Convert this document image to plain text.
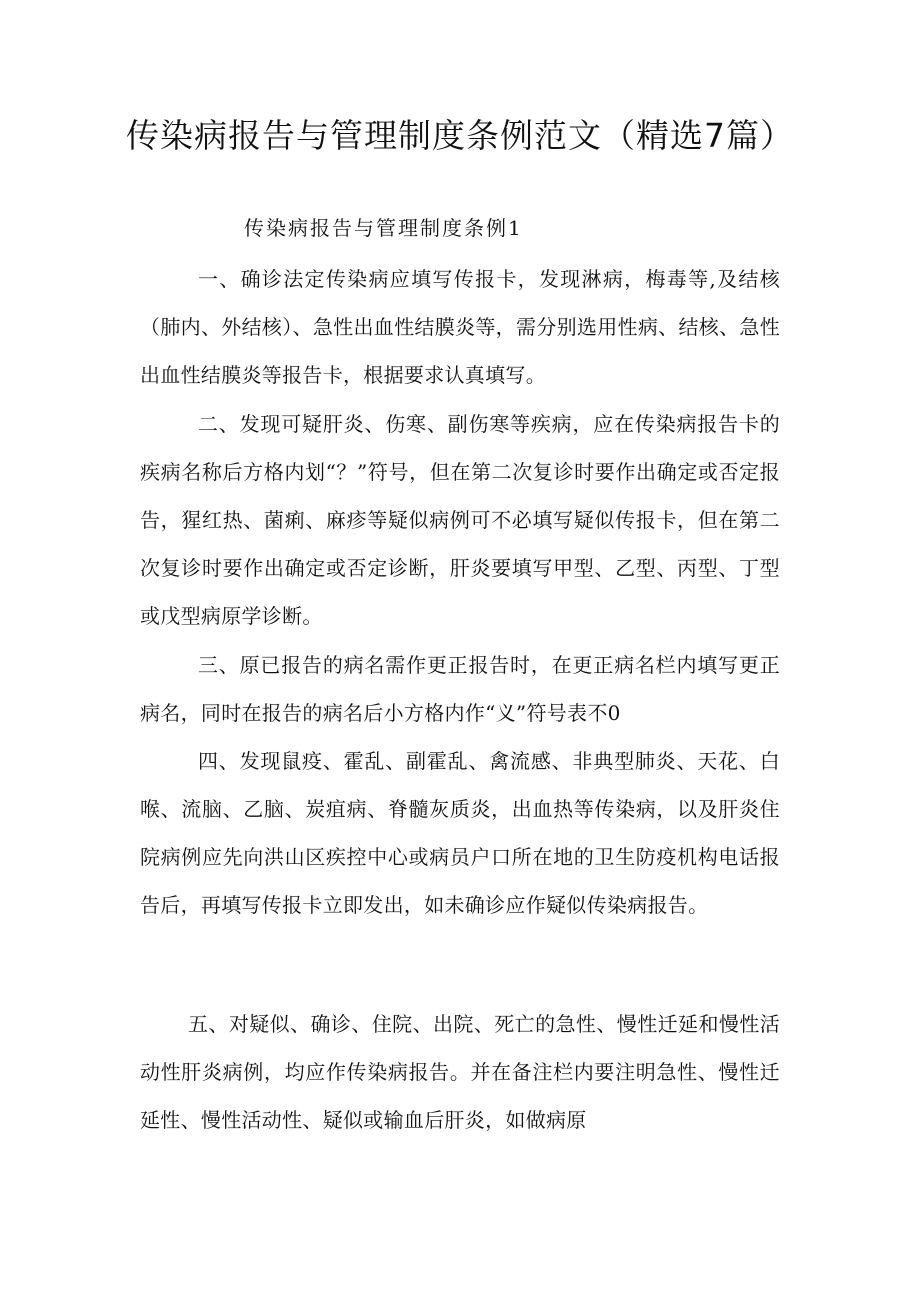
传染病报告与管理制度条例范文（精选7篇）
传染病报告与管理制度条例1
一、确诊法定传染病应填写传报卡，发现淋病，梅毒等,及结核（肺内、外结核）、急性出血性结膜炎等，需分别选用性病、结核、急性出血性结膜炎等报告卡，根据要求认真填写。
二、发现可疑肝炎、伤寒、副伤寒等疾病，应在传染病报告卡的疾病名称后方格内划“？”符号，但在第二次复诊时要作出确定或否定报告，猩红热、菌痢、麻疹等疑似病例可不必填写疑似传报卡，但在第二次复诊时要作出确定或否定诊断，肝炎要填写甲型、乙型、丙型、丁型或戊型病原学诊断。
三、原已报告的病名需作更正报告时，在更正病名栏内填写更正病名，同时在报告的病名后小方格内作“义”符号表不0
四、发现鼠疫、霍乱、副霍乱、禽流感、非典型肺炎、天花、白喉、流脑、乙脑、炭疽病、脊髓灰质炎，出血热等传染病，以及肝炎住院病例应先向洪山区疾控中心或病员户口所在地的卫生防疫机构电话报告后，再填写传报卡立即发出，如未确诊应作疑似传染病报告。
五、对疑似、确诊、住院、出院、死亡的急性、慢性迁延和慢性活动性肝炎病例，均应作传染病报告。并在备注栏内要注明急性、慢性迁延性、慢性活动性、疑似或输血后肝炎，如做病原
